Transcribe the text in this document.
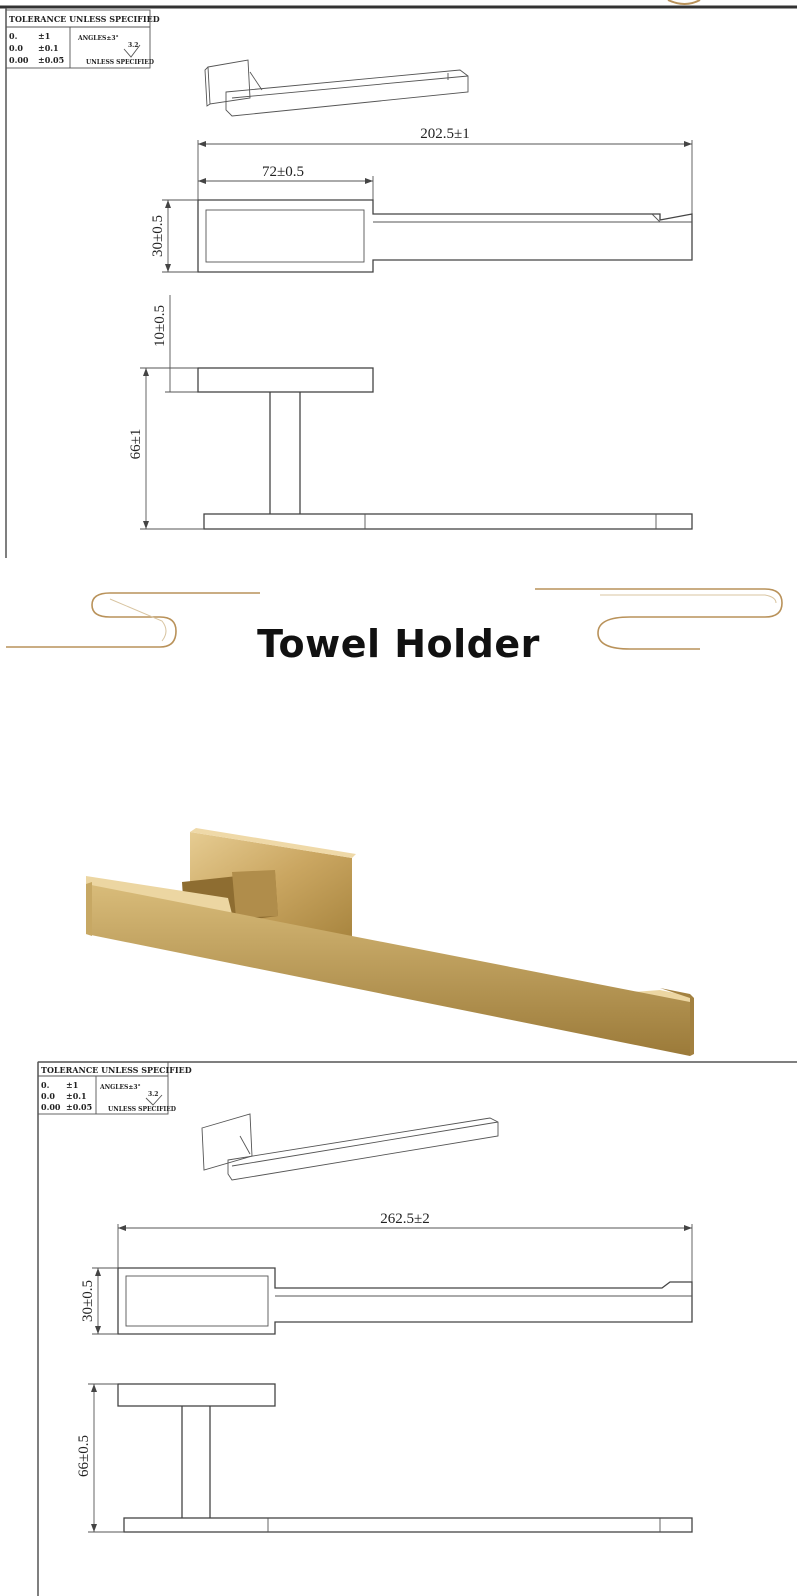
TOLERANCE UNLESS SPECIFIED
0.	±1
0.0 ±0.1
0.00 ±0.05
ANGLES±3°
3.2
UNLESS SPECIFIED
202.5±1
72±0.5
30±0.5
10±0.5
66±1
Towel Holder
TOLERANCE UNLESS SPECIFIED
0. ±1
0.0 ±0.1
0.00 ±0.05
ANGLES±3°
3.2
UNLESS SPECIFIED
262.5±2
30±0.5
66±0.5
